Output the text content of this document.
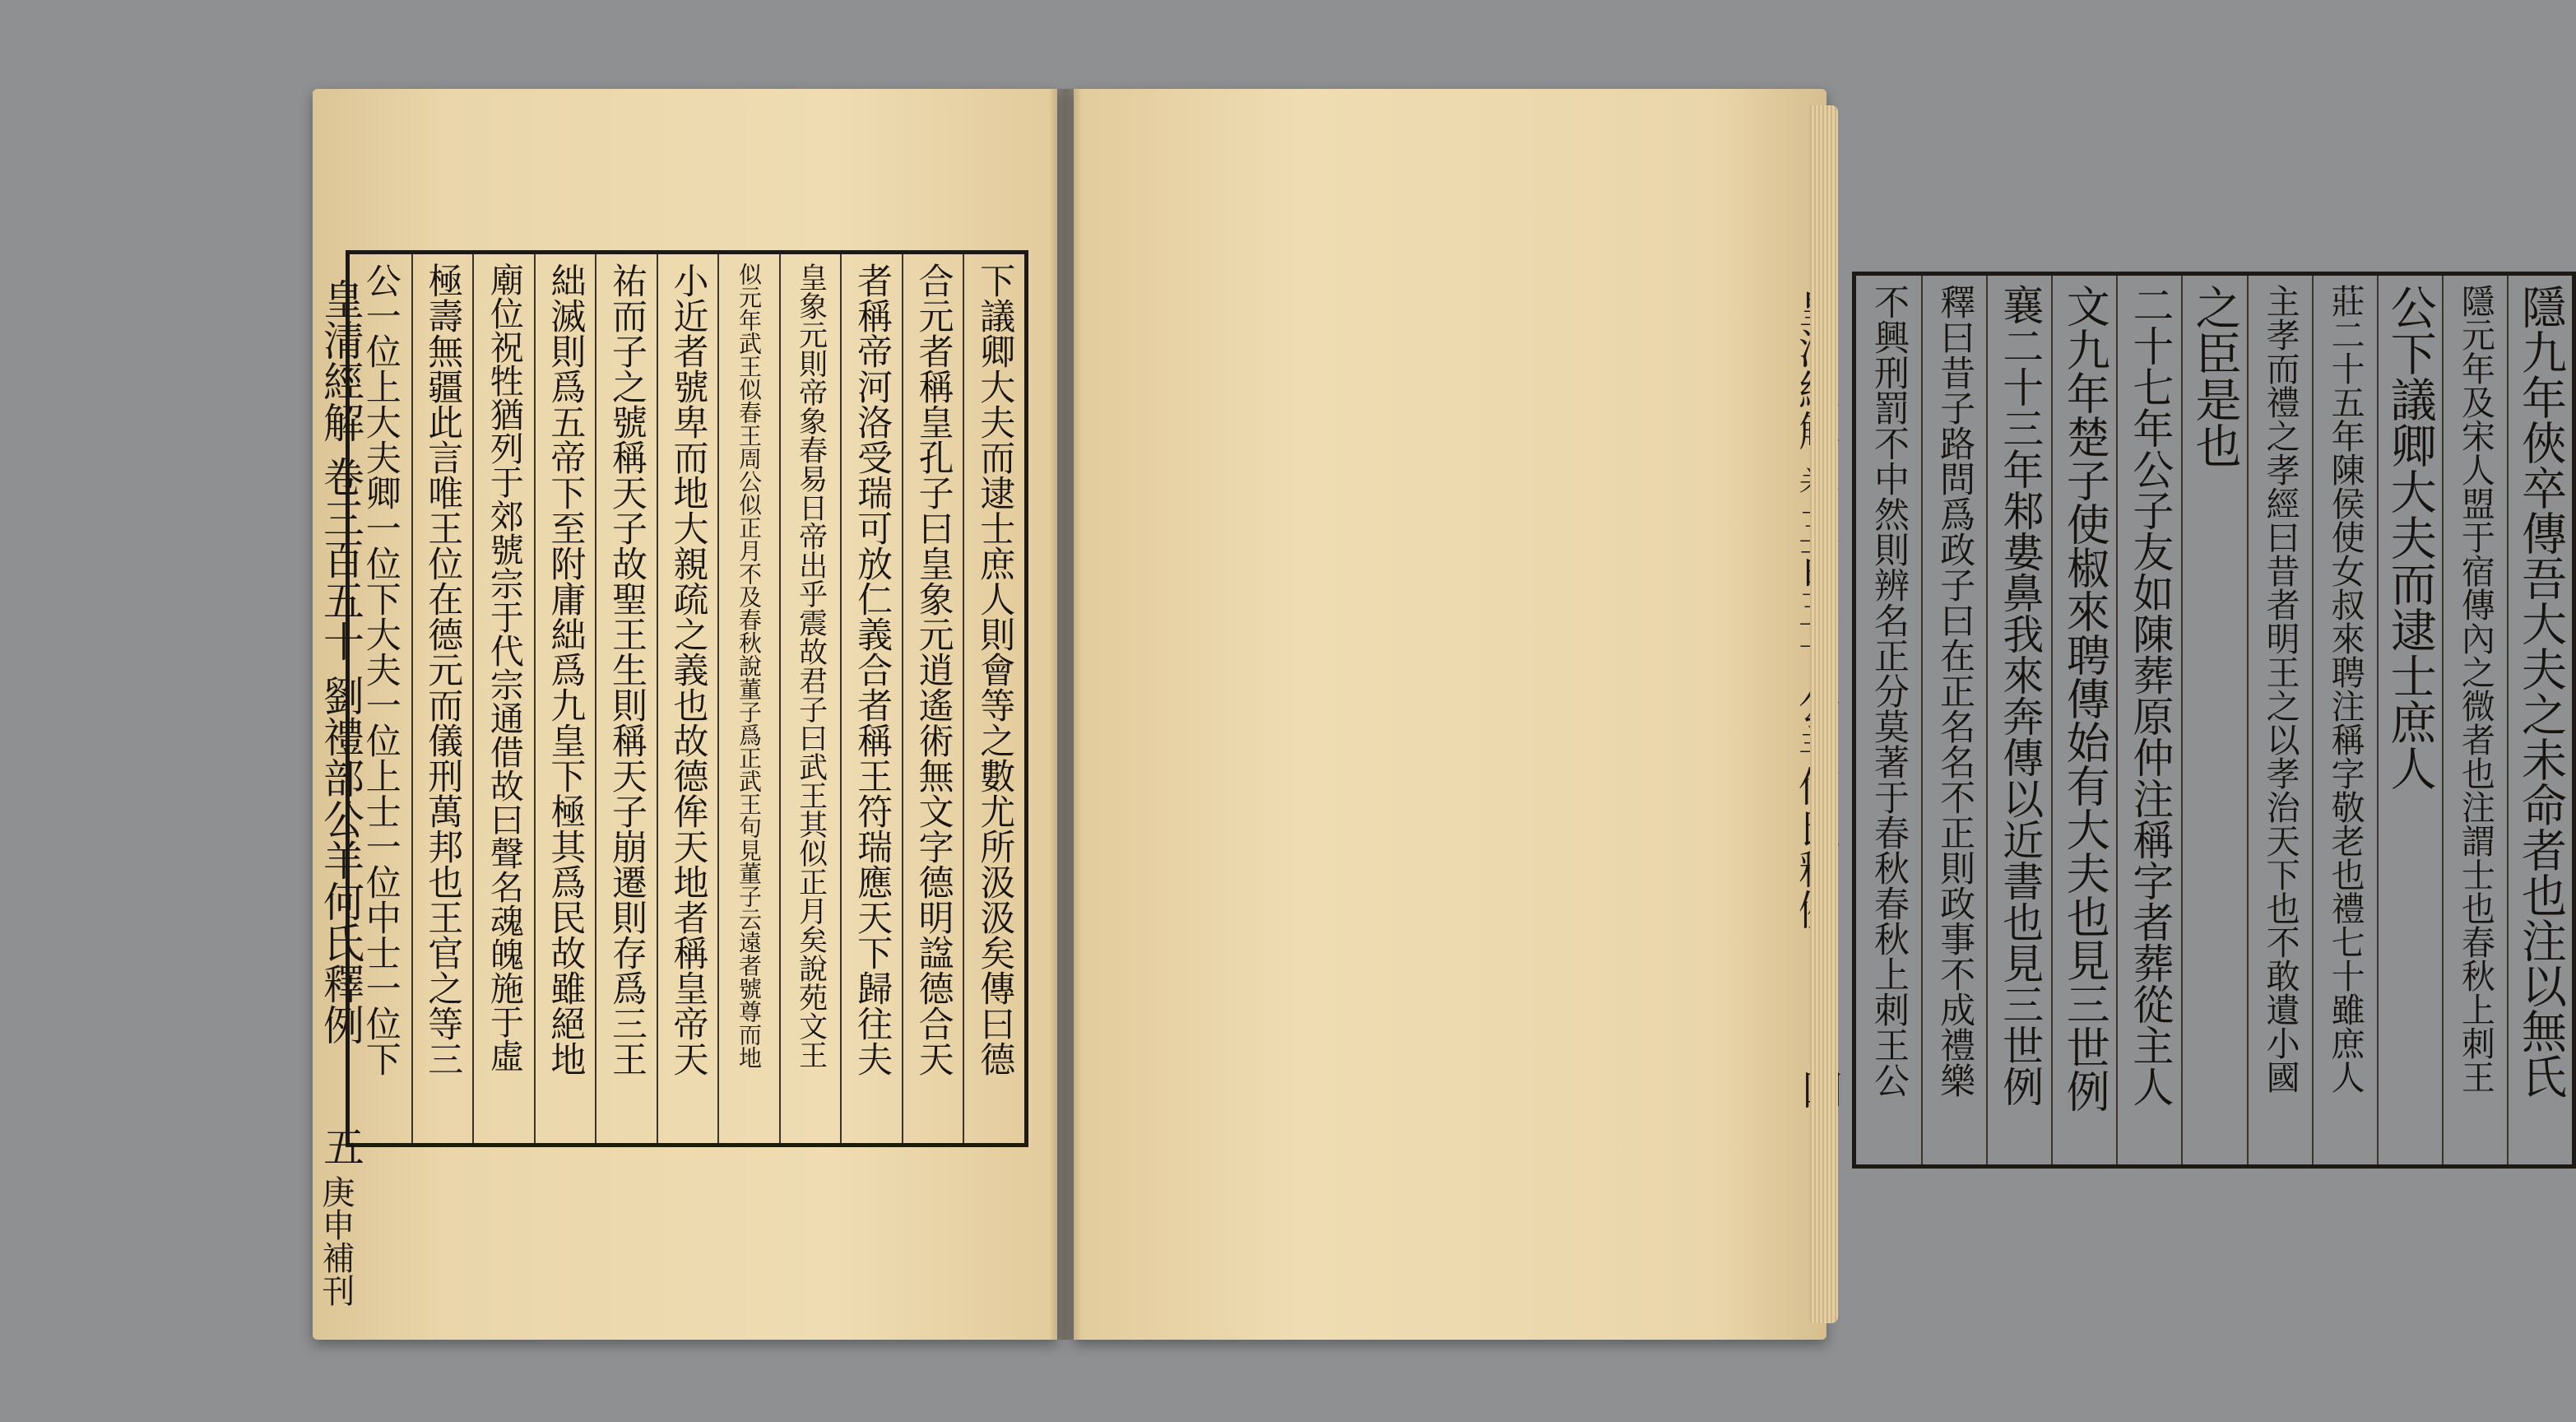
下議卿大夫而逮士庶人則會等之數尤所汲汲矣傳曰德
合元者稱皇孔子曰皇象元逍遙術無文字德明諡德合天
者稱帝河洛受瑞可放仁義合者稱王符瑞應天下歸往夫
皇象元則帝象春易日帝出乎震故君子曰武王其似正月矣說苑文王
似元年武王似春王周公似正月不及春秋說董子爲正武王句見董子云遠者號尊而地
小近者號卑而地大親疏之義也故德侔天地者稱皇帝天
祐而子之號稱天子故聖王生則稱天子崩遷則存爲三王
絀滅則爲五帝下至附庸絀爲九皇下極其爲民故雖絕地
廟位祝牲猶列于郊號宗于代宗通借故曰聲名魂魄施于虛
極壽無疆此言唯王位在德元而儀刑萬邦也王官之等三
公一位上大夫卿一位下大夫一位上士一位中士一位下
皇清經解 卷三百五十 劉禮部公羊何氏釋例
五
庚申補刊
隱九年俠卒傳吾大夫之未命者也注以無氏
隱元年及宋人盟于宿傳內之微者也注謂士也春秋上刺王
公下議卿大夫而逮士庶人
莊二十五年陳侯使女叔來聘注稱字敬老也禮七十雖庶人
主孝而禮之孝經曰昔者明王之以孝治天下也不敢遺小國
之臣是也
二十七年公子友如陳葬原仲注稱字者葬從主人
文九年楚子使椒來聘傳始有大夫也見三世例
襄二十三年邾婁鼻我來奔傳以近書也見三世例
釋曰昔子路問爲政子曰在正名名不正則政事不成禮樂
不興刑罰不中然則辨名正分莫著于春秋春秋上刺王公
